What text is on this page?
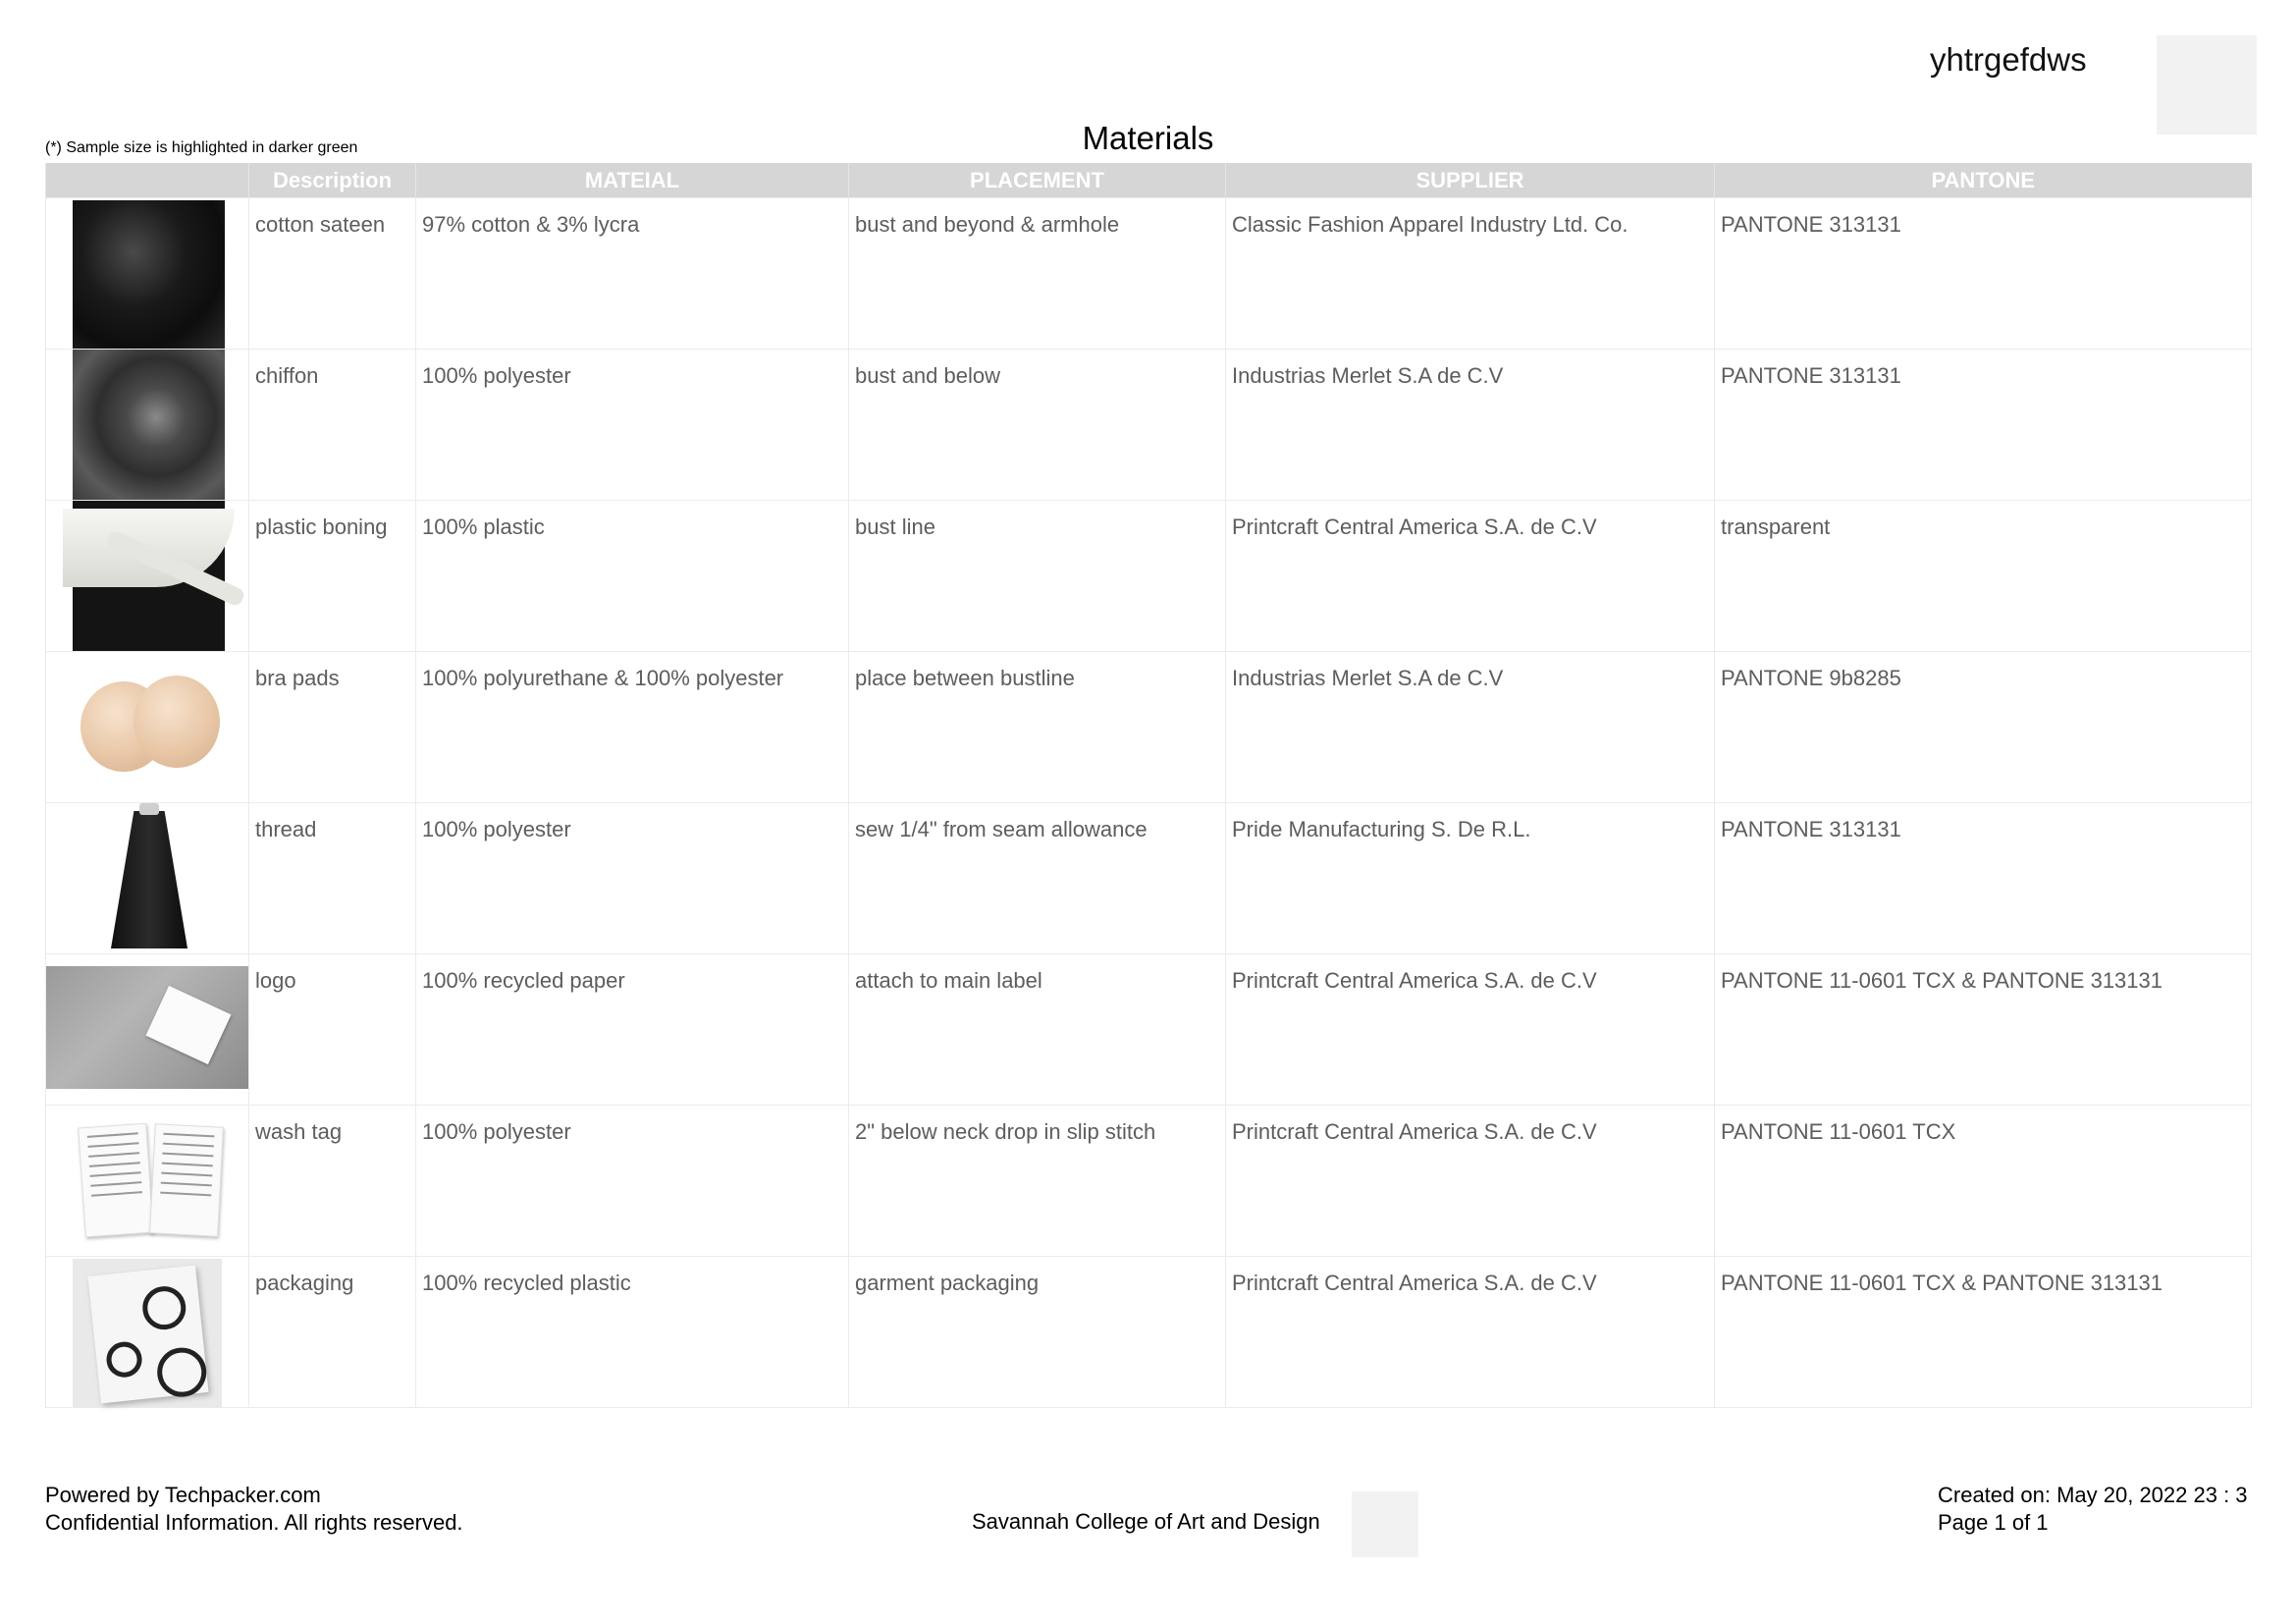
yhtrgefdws
(*) Sample size is highlighted in darker green	Materials
	Description	MATEIAL	PLACEMENT	SUPPLIER	PANTONE

	cotton sateen	97% cotton & 3% lycra	bust and beyond & armhole	Classic Fashion Apparel Industry Ltd. Co.	PANTONE 313131

	chiffon	100% polyester	bust and below	Industrias Merlet S.A de C.V	PANTONE 313131

	plastic boning	100% plastic	bust line	Printcraft Central America S.A. de C.V	transparent

	bra pads	100% polyurethane & 100% polyester	place between bustline	Industrias Merlet S.A de C.V	PANTONE 9b8285

	thread	100% polyester	sew 1/4" from seam allowance	Pride Manufacturing S. De R.L.	PANTONE 313131

	logo	100% recycled paper	attach to main label	Printcraft Central America S.A. de C.V	PANTONE 11-0601 TCX & PANTONE 313131

	wash tag	100% polyester	2" below neck drop in slip stitch	Printcraft Central America S.A. de C.V	PANTONE 11-0601 TCX

	packaging	100% recycled plastic	garment packaging	Printcraft Central America S.A. de C.V	PANTONE 11-0601 TCX & PANTONE 313131
Powered by Techpacker.com
Confidential Information. All rights reserved.	Savannah College of Art and Design
Created on: May 20, 2022 23 : 3
Page 1 of 1
